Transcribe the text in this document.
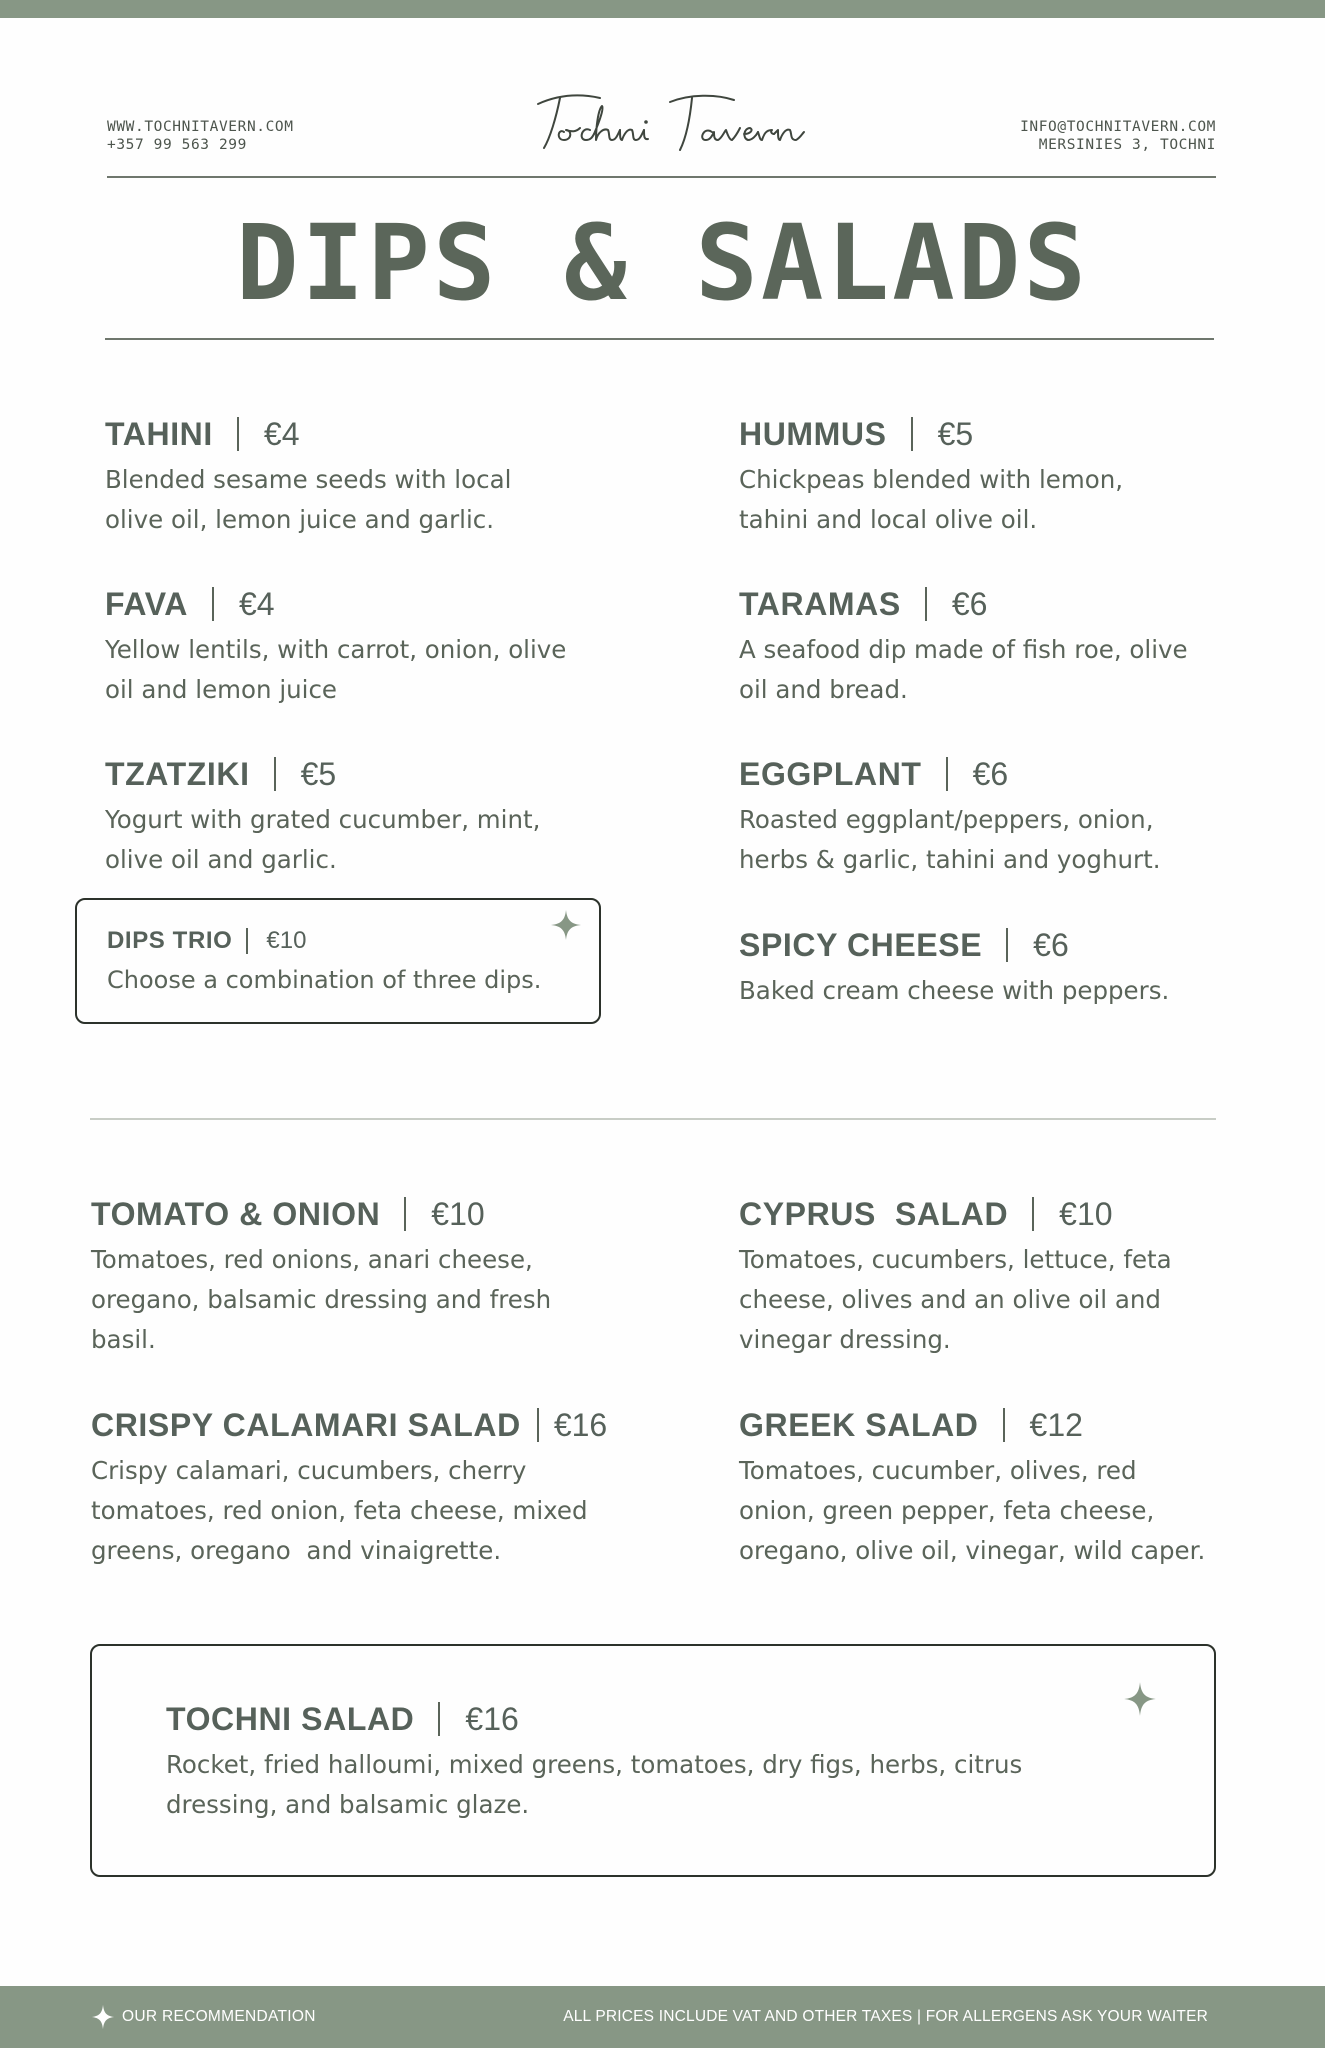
WWW.TOCHNITAVERN.COM
+357 99 563 299
INFO@TOCHNITAVERN.COM
MERSINIES 3, TOCHNI
DIPS & SALADS
TAHINI €4
Blended sesame seeds with local
olive oil, lemon juice and garlic.
HUMMUS €5
Chickpeas blended with lemon,
tahini and local olive oil.
FAVA €4
Yellow lentils, with carrot, onion, olive
oil and lemon juice
TARAMAS €6
A seafood dip made of fish roe, olive
oil and bread.
TZATZIKI €5
Yogurt with grated cucumber, mint,
olive oil and garlic.
EGGPLANT €6
Roasted eggplant/peppers, onion,
herbs & garlic, tahini and yoghurt.
SPICY CHEESE €6
Baked cream cheese with peppers.
DIPS TRIO €10
Choose a combination of three dips.
TOMATO & ONION €10
Tomatoes, red onions, anari cheese,
oregano, balsamic dressing and fresh
basil.
CYPRUS  SALAD €10
Tomatoes, cucumbers, lettuce, feta
cheese, olives and an olive oil and
vinegar dressing.
CRISPY CALAMARI SALAD €16
Crispy calamari, cucumbers, cherry
tomatoes, red onion, feta cheese, mixed
greens, oregano  and vinaigrette.
GREEK SALAD €12
Tomatoes, cucumber, olives, red
onion, green pepper, feta cheese,
oregano, olive oil, vinegar, wild caper.
TOCHNI SALAD €16
Rocket, fried halloumi, mixed greens, tomatoes, dry figs, herbs, citrus
dressing, and balsamic glaze.
OUR RECOMMENDATION	ALL PRICES INCLUDE VAT AND OTHER TAXES | FOR ALLERGENS ASK YOUR WAITER
